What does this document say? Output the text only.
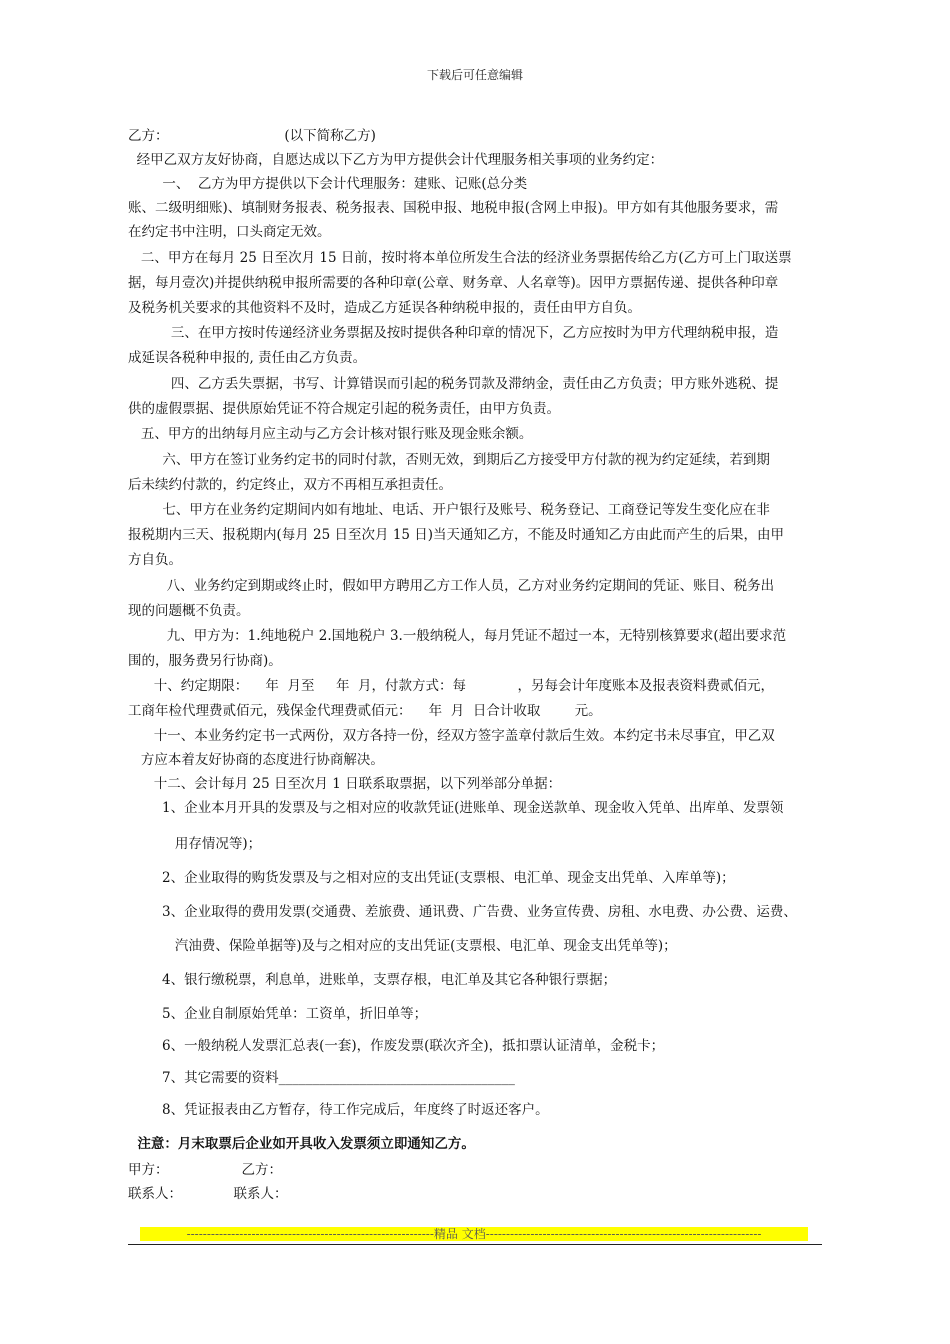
下载后可任意编辑
乙方：                           (以下简称乙方)
经甲乙双方友好协商，自愿达成以下乙方为甲方提供会计代理服务相关事项的业务约定：
一、  乙方为甲方提供以下会计代理服务：建账、记账(总分类
账、二级明细账)、填制财务报表、税务报表、国税申报、地税申报(含网上申报)。甲方如有其他服务要求，需
在约定书中注明，口头商定无效。
二、甲方在每月 25 日至次月 15 日前，按时将本单位所发生合法的经济业务票据传给乙方(乙方可上门取送票
据，每月壹次)并提供纳税申报所需要的各种印章(公章、财务章、人名章等)。因甲方票据传递、提供各种印章
及税务机关要求的其他资料不及时，造成乙方延误各种纳税申报的，责任由甲方自负。
三、在甲方按时传递经济业务票据及按时提供各种印章的情况下，乙方应按时为甲方代理纳税申报，造
成延误各税种申报的, 责任由乙方负责。
四、乙方丢失票据，书写、计算错误而引起的税务罚款及滞纳金，责任由乙方负责；甲方账外逃税、提
供的虚假票据、提供原始凭证不符合规定引起的税务责任，由甲方负责。
五、甲方的出纳每月应主动与乙方会计核对银行账及现金账余额。
六、甲方在签订业务约定书的同时付款，否则无效，到期后乙方接受甲方付款的视为约定延续，若到期
后未续约付款的，约定终止，双方不再相互承担责任。
七、甲方在业务约定期间内如有地址、电话、开户银行及账号、税务登记、工商登记等发生变化应在非
报税期内三天、报税期内(每月 25 日至次月 15 日)当天通知乙方，不能及时通知乙方由此而产生的后果，由甲
方自负。
八、业务约定到期或终止时，假如甲方聘用乙方工作人员，乙方对业务约定期间的凭证、账目、税务出
现的问题概不负责。
九、甲方为：1.纯地税户 2.国地税户 3.一般纳税人，每月凭证不超过一本，无特别核算要求(超出要求范
围的，服务费另行协商)。
十、约定期限：    年  月至     年  月，付款方式：每            ，另每会计年度账本及报表资料费贰佰元，
工商年检代理费贰佰元，残保金代理费贰佰元：    年  月  日合计收取        元。
十一、本业务约定书一式两份，双方各持一份，经双方签字盖章付款后生效。本约定书未尽事宜，甲乙双
方应本着友好协商的态度进行协商解决。
十二、会计每月 25 日至次月 1 日联系取票据，以下列举部分单据：
1、企业本月开具的发票及与之相对应的收款凭证(进账单、现金送款单、现金收入凭单、出库单、发票领
用存情况等)；
2、企业取得的购货发票及与之相对应的支出凭证(支票根、电汇单、现金支出凭单、入库单等)；
3、企业取得的费用发票(交通费、差旅费、通讯费、广告费、业务宣传费、房租、水电费、办公费、运费、
汽油费、保险单据等)及与之相对应的支出凭证(支票根、电汇单、现金支出凭单等)；
4、银行缴税票，利息单，进账单，支票存根，电汇单及其它各种银行票据；
5、企业自制原始凭单：工资单，折旧单等；
6、一般纳税人发票汇总表(一套)，作废发票(联次齐全)，抵扣票认证清单，金税卡；
7、其它需要的资料___________________________________
8、凭证报表由乙方暂存，待工作完成后，年度终了时返还客户。
注意：月末取票后企业如开具收入发票须立即通知乙方。
甲方：                 乙方：
联系人：            联系人：
-------------------------------------------------------------精品 文档--------------------------------------------------------------------
